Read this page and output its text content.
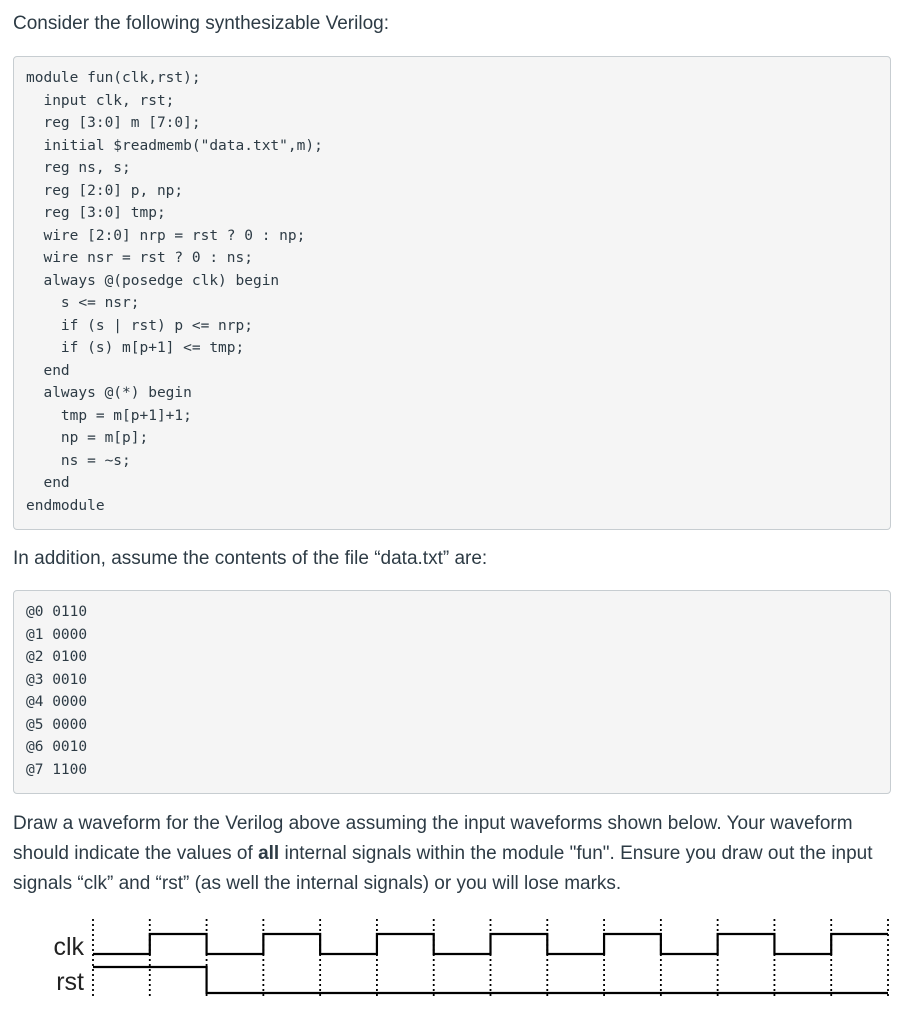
Consider the following synthesizable Verilog:
module fun(clk,rst);
input clk, rst;
reg [3:0] m [7:0];
initial $readmemb("data.txt",m);
reg ns, s;
reg [2:0] p, np;
reg [3:0] tmp;
wire [2:0] nrp = rst ? 0 : np;
wire nsr = rst ? 0 : ns;
always @(posedge clk) begin
s <= nsr;
if (s | rst) p <= nrp;
if (s) m[p+1] <= tmp;
end
always @(*) begin
tmp = m[p+1]+1;
np = m[p];
ns = ~s;
end
endmodule
In addition, assume the contents of the file “data.txt” are:
@0 0110
@1 0000
@2 0100
@3 0010
@4 0000
@5 0000
@6 0010
@7 1100
Draw a waveform for the Verilog above assuming the input waveforms shown below. Your waveform should indicate the values of all internal signals within the module "fun". Ensure you draw out the input signals “clk” and “rst” (as well the internal signals) or you will lose marks.
clk
rst
